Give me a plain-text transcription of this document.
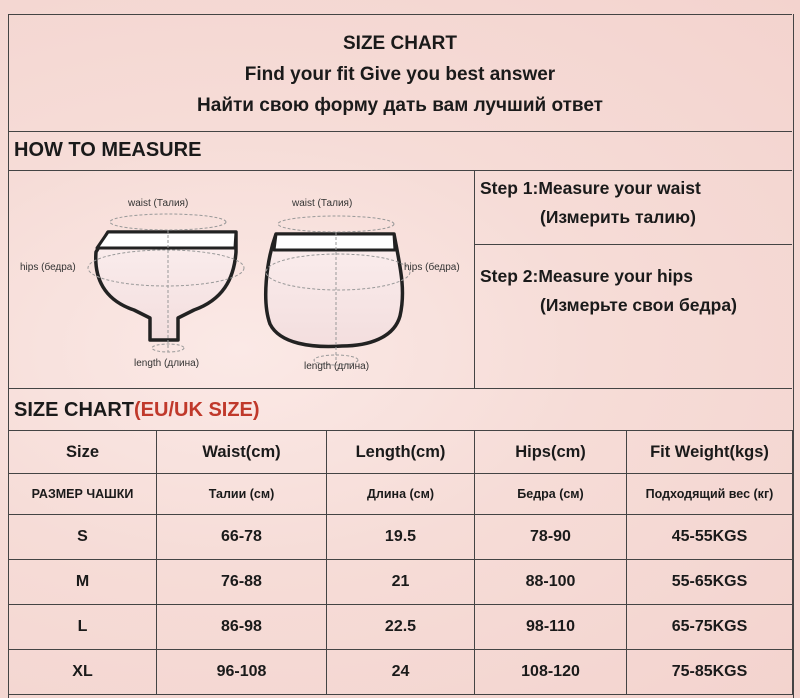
SIZE CHART
Find your fit Give you best answer
Найти свою форму дать вам лучший ответ
HOW TO MEASURE
waist (Талия)	waist (Талия)
hips (бедра)	hips (бедра)
length (длина)	length (длина)
Step 1:Measure your waist
(Измерить талию)
Step 2:Measure your hips
(Измерьте свои бедра)
SIZE CHART(EU/UK SIZE)
Size	Waist(cm)	Length(cm)	Hips(cm)	Fit Weight(kgs)
РАЗМЕР ЧАШКИ	Талии (см)	Длина (см)	Бедра (см)	Подходящий вес (кг)
S	66-78	19.5	78-90	45-55KGS
M	76-88	21	88-100	55-65KGS
L	86-98	22.5	98-110	65-75KGS
XL	96-108	24	108-120	75-85KGS
